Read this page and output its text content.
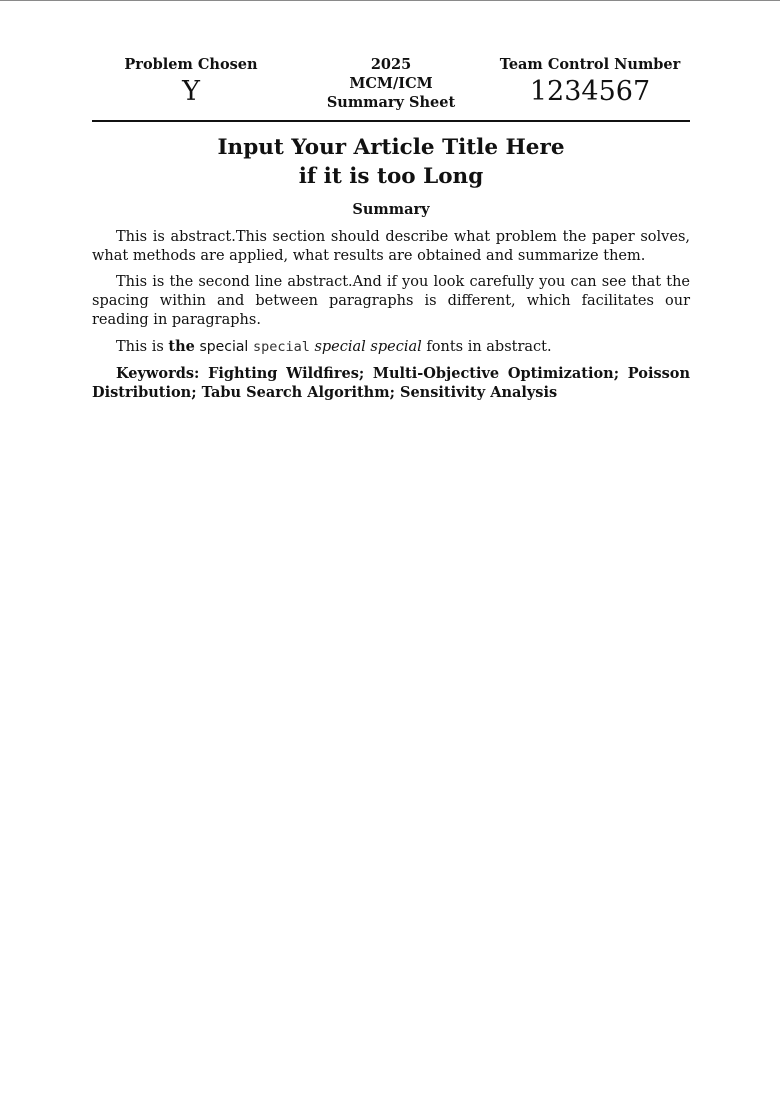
Problem Chosen
Y
2025
MCM/ICM
Summary Sheet
Team Control Number
1234567
Input Your Article Title Here
if it is too Long
Summary

This is abstract.This section should describe what problem the paper solves, what methods are applied, what results are obtained and summarize them.

This is the second line abstract.And if you look carefully you can see that the spacing within and between paragraphs is different, which facilitates our reading in paragraphs.

This is the special special special special fonts in abstract.

Keywords: Fighting Wildfires; Multi-Objective Optimization; Poisson Distribution; Tabu Search Algorithm; Sensitivity Analysis
